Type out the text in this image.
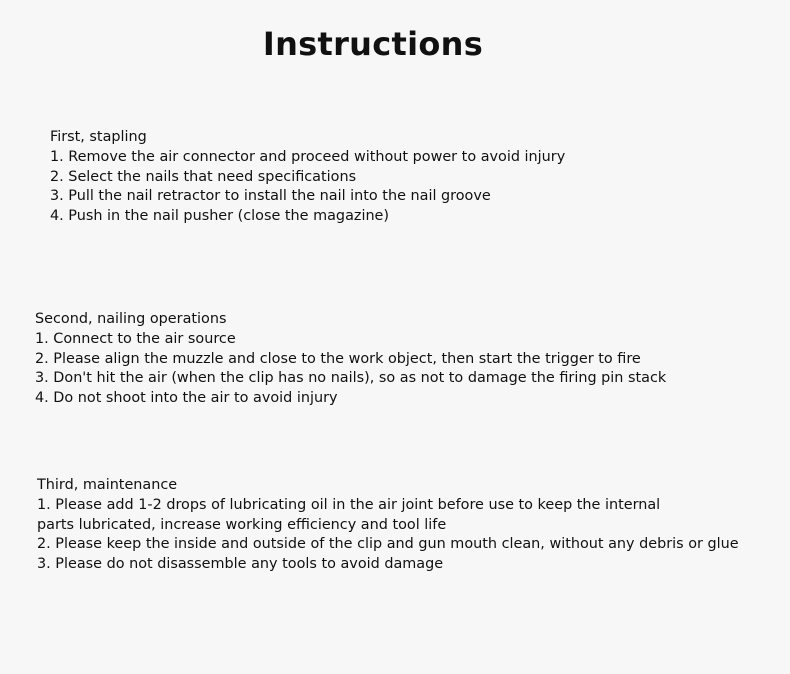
Instructions
First, stapling
1. Remove the air connector and proceed without power to avoid injury
2. Select the nails that need specifications
3. Pull the nail retractor to install the nail into the nail groove
4. Push in the nail pusher (close the magazine)
Second, nailing operations
1. Connect to the air source
2. Please align the muzzle and close to the work object, then start the trigger to fire
3. Don't hit the air (when the clip has no nails), so as not to damage the firing pin stack
4. Do not shoot into the air to avoid injury
Third, maintenance
1. Please add 1-2 drops of lubricating oil in the air joint before use to keep the internal
parts lubricated, increase working efficiency and tool life
2. Please keep the inside and outside of the clip and gun mouth clean, without any debris or glue
3. Please do not disassemble any tools to avoid damage
